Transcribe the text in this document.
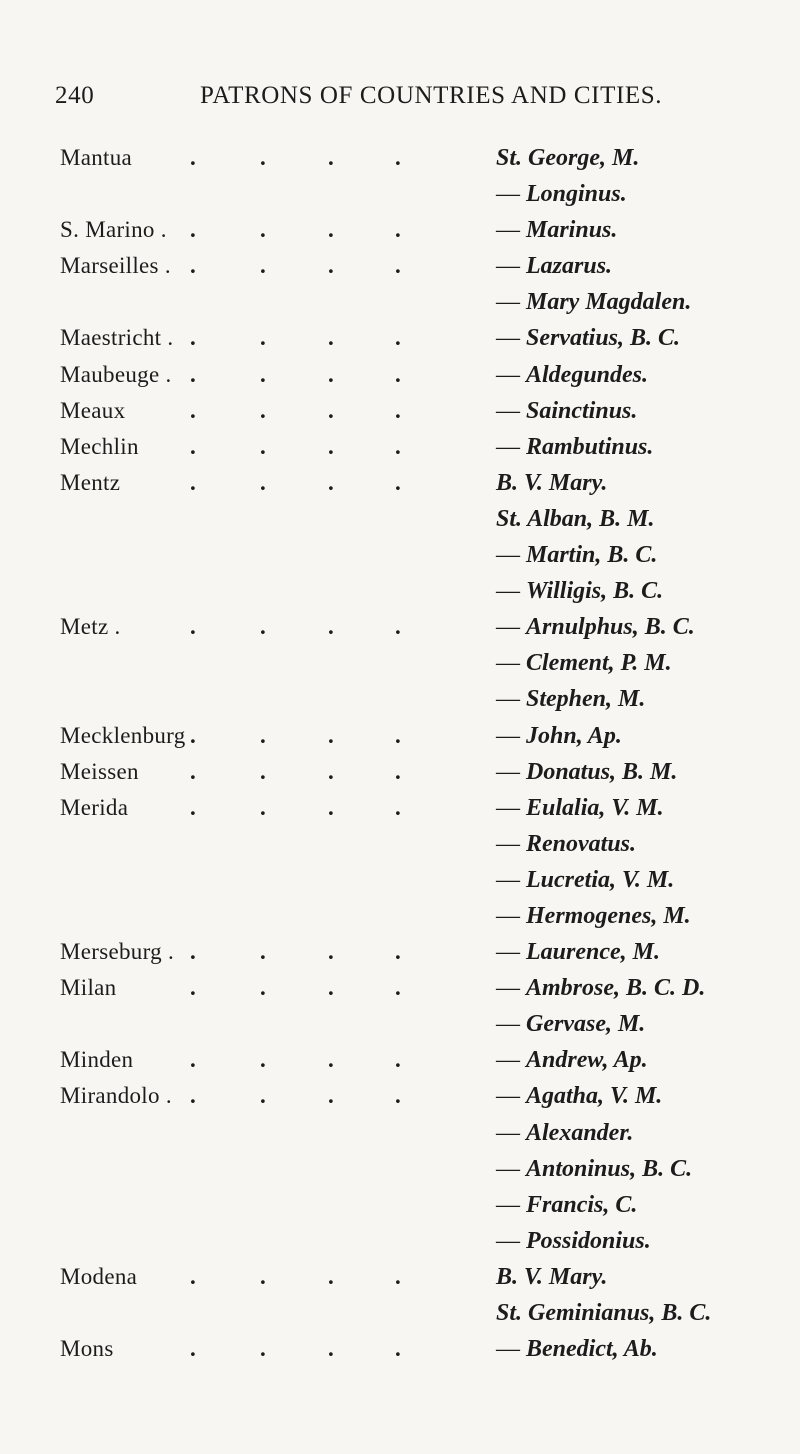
240	PATRONS OF COUNTRIES AND CITIES.
Mantua	.	.	.	.	St. George, M.
— Longinus.
S. Marino . .	.	.	.	— Marinus.
Marseilles . .	.	.	.	— Lazarus.
— Mary Magdalen.
Maestricht . .	.	.	.	— Servatius, B. C.
Maubeuge . .	.	.	.	— Aldegundes.
Meaux	.	.	.	.	— Sainctinus.
Mechlin .	.	.	.	— Rambutinus.
Mentz	.	.	.	.	B. V. Mary.
St. Alban, B. M.
— Martin, B. C.
— Willigis, B. C.
Metz .	.	.	.	.	— Arnulphus, B. C.
— Clement, P. M.
— Stephen, M.
Mecklenburg .	.	.	.	— John, Ap.
Meissen .	.	.	.	— Donatus, B. M.
Merida	.	.	.	.	— Eulalia, V. M.
— Renovatus.
— Lucretia, V. M.
— Hermogenes, M.
Merseburg . .	.	.	.	— Laurence, M.
Milan	.	.	.	.	— Ambrose, B. C. D.
— Gervase, M.
Minden .	.	.	.	— Andrew, Ap.
Mirandolo . .	.	.	.	— Agatha, V. M.
— Alexander.
— Antoninus, B. C.
— Francis, C.
— Possidonius.
Modena .	.	.	.	B. V. Mary.
St. Geminianus, B. C.
Mons	.	.	.	.	— Benedict, Ab.
